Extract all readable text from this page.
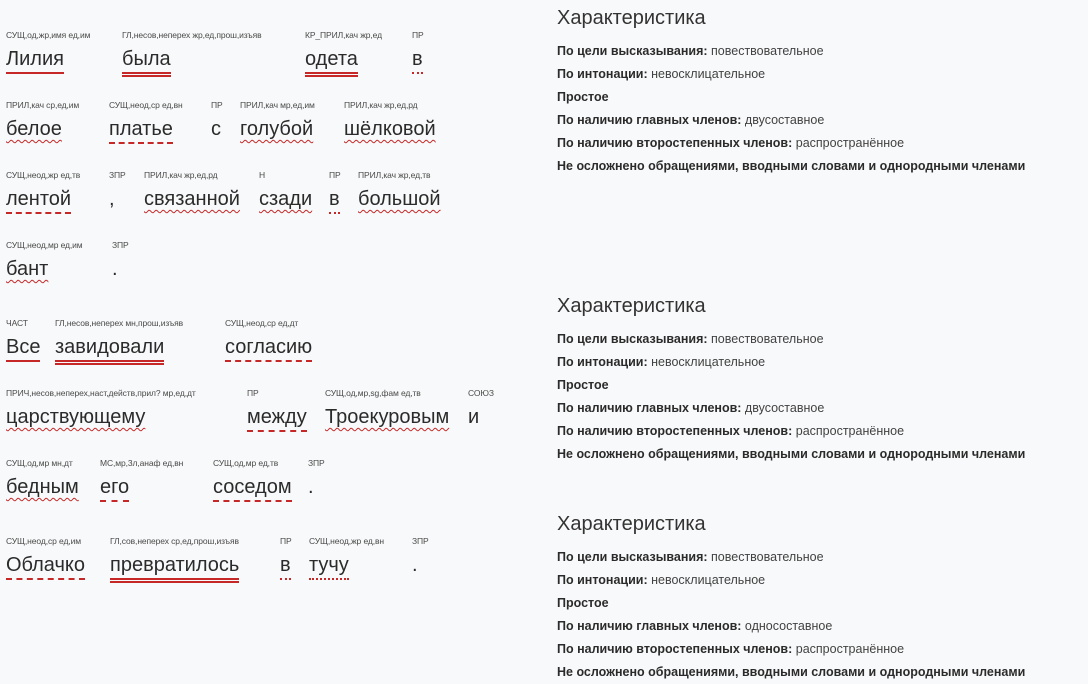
СУЩ,од,жр,имя ед,им
Лилия
ГЛ,несов,неперех жр,ед,прош,изъяв
была
КР_ПРИЛ,кач жр,ед
одета
ПР
в
ПРИЛ,кач ср,ед,им
белое
СУЩ,неод,ср ед,вн
платье
ПР
с
ПРИЛ,кач мр,ед,им
голубой
ПРИЛ,кач жр,ед,рд
шёлковой
СУЩ,неод,жр ед,тв
лентой
ЗПР
,
ПРИЛ,кач жр,ед,рд
связанной
Н
сзади
ПР
в
ПРИЛ,кач жр,ед,тв
большой
СУЩ,неод,мр ед,им
бант
ЗПР
.
Характеристика
По цели высказывания: повествовательное
По интонации: невосклицательное
Простое
По наличию главных членов: двусоставное
По наличию второстепенных членов: распространённое
Не осложнено обращениями, вводными словами и однородными членами
ЧАСТ
Все
ГЛ,несов,неперех мн,прош,изъяв
завидовали
СУЩ,неод,ср ед,дт
согласию
ПРИЧ,несов,неперех,наст,действ,прил? мр,ед,дт
царствующему
ПР
между
СУЩ,од,мр,sg,фам ед,тв
Троекуровым
СОЮЗ
и
СУЩ,од,мр мн,дт
бедным
МС,мр,3л,анаф ед,вн
его
СУЩ,од,мр ед,тв
соседом
ЗПР
.
Характеристика
По цели высказывания: повествовательное
По интонации: невосклицательное
Простое
По наличию главных членов: двусоставное
По наличию второстепенных членов: распространённое
Не осложнено обращениями, вводными словами и однородными членами
СУЩ,неод,ср ед,им
Облачко
ГЛ,сов,неперех ср,ед,прош,изъяв
превратилось
ПР
в
СУЩ,неод,жр ед,вн
тучу
ЗПР
.
Характеристика
По цели высказывания: повествовательное
По интонации: невосклицательное
Простое
По наличию главных членов: односоставное
По наличию второстепенных членов: распространённое
Не осложнено обращениями, вводными словами и однородными членами
